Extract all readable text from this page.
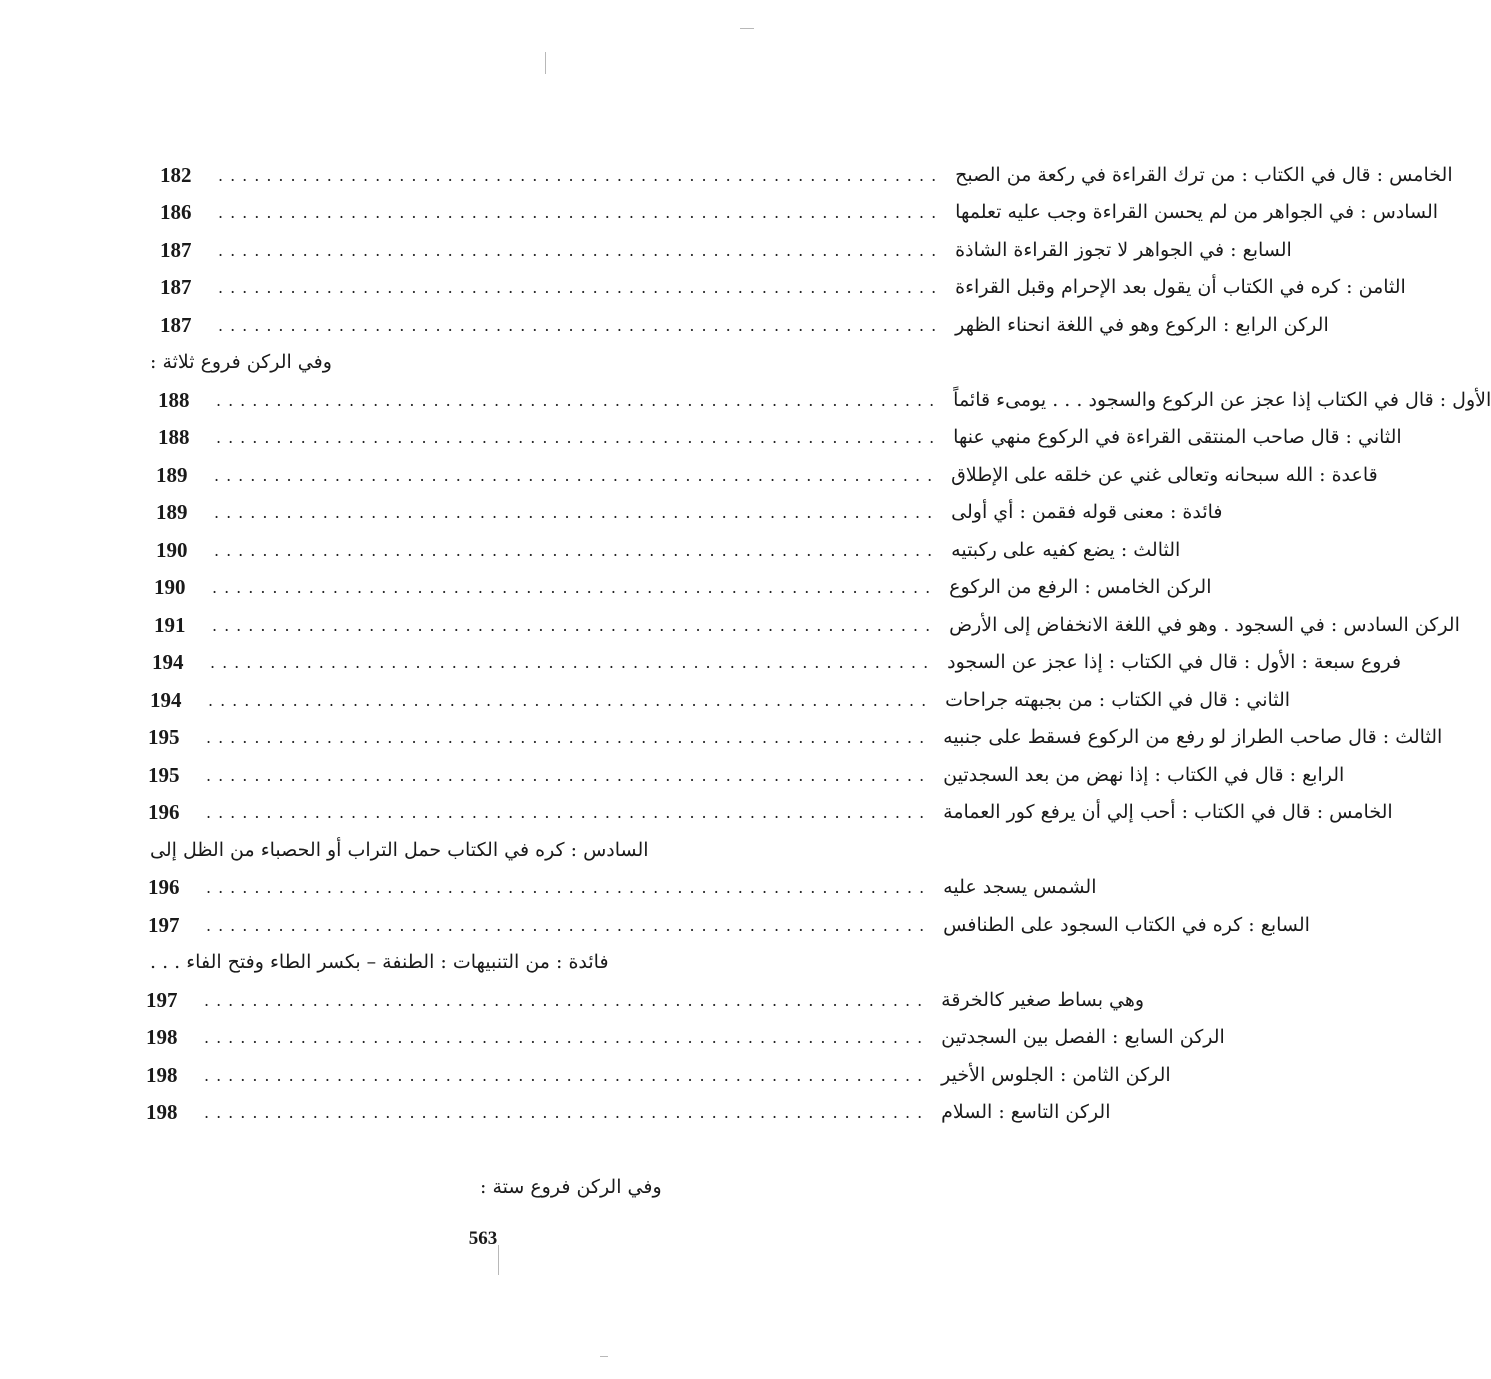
الخامس : قال في الكتاب : من ترك القراءة في ركعة من الصبح
............................................................
182
السادس : في الجواهر من لم يحسن القراءة وجب عليه تعلمها
............................................................
186
السابع : في الجواهر لا تجوز القراءة الشاذة
............................................................
187
الثامن : كره في الكتاب أن يقول بعد الإحرام وقبل القراءة
............................................................
187
الركن الرابع : الركوع وهو في اللغة انحناء الظهر
............................................................
187
وفي الركن فروع ثلاثة :
الأول : قال في الكتاب إذا عجز عن الركوع والسجود . . . يومىء قائماً
............................................................
188
الثاني : قال صاحب المنتقى القراءة في الركوع منهي عنها
............................................................
188
قاعدة : الله سبحانه وتعالى غني عن خلقه على الإطلاق
............................................................
189
فائدة : معنى قوله فقمن : أي أولى
............................................................
189
الثالث : يضع كفيه على ركبتيه
............................................................
190
الركن الخامس : الرفع من الركوع
............................................................
190
الركن السادس : في السجود . وهو في اللغة الانخفاض إلى الأرض
............................................................
191
فروع سبعة : الأول : قال في الكتاب : إذا عجز عن السجود
............................................................
194
الثاني : قال في الكتاب : من بجبهته جراحات
............................................................
194
الثالث : قال صاحب الطراز لو رفع من الركوع فسقط على جنبيه
............................................................
195
الرابع : قال في الكتاب : إذا نهض من بعد السجدتين
............................................................
195
الخامس : قال في الكتاب : أحب إلي أن يرفع كور العمامة
............................................................
196
السادس : كره في الكتاب حمل التراب أو الحصباء من الظل إلى
الشمس يسجد عليه
............................................................
196
السابع : كره في الكتاب السجود على الطنافس
............................................................
197
فائدة : من التنبيهات : الطنفة – بكسر الطاء وفتح الفاء . . .
وهي بساط صغير كالخرقة
............................................................
197
الركن السابع : الفصل بين السجدتين
............................................................
198
الركن الثامن : الجلوس الأخير
............................................................
198
الركن التاسع : السلام
............................................................
198
وفي الركن فروع ستة :
563
